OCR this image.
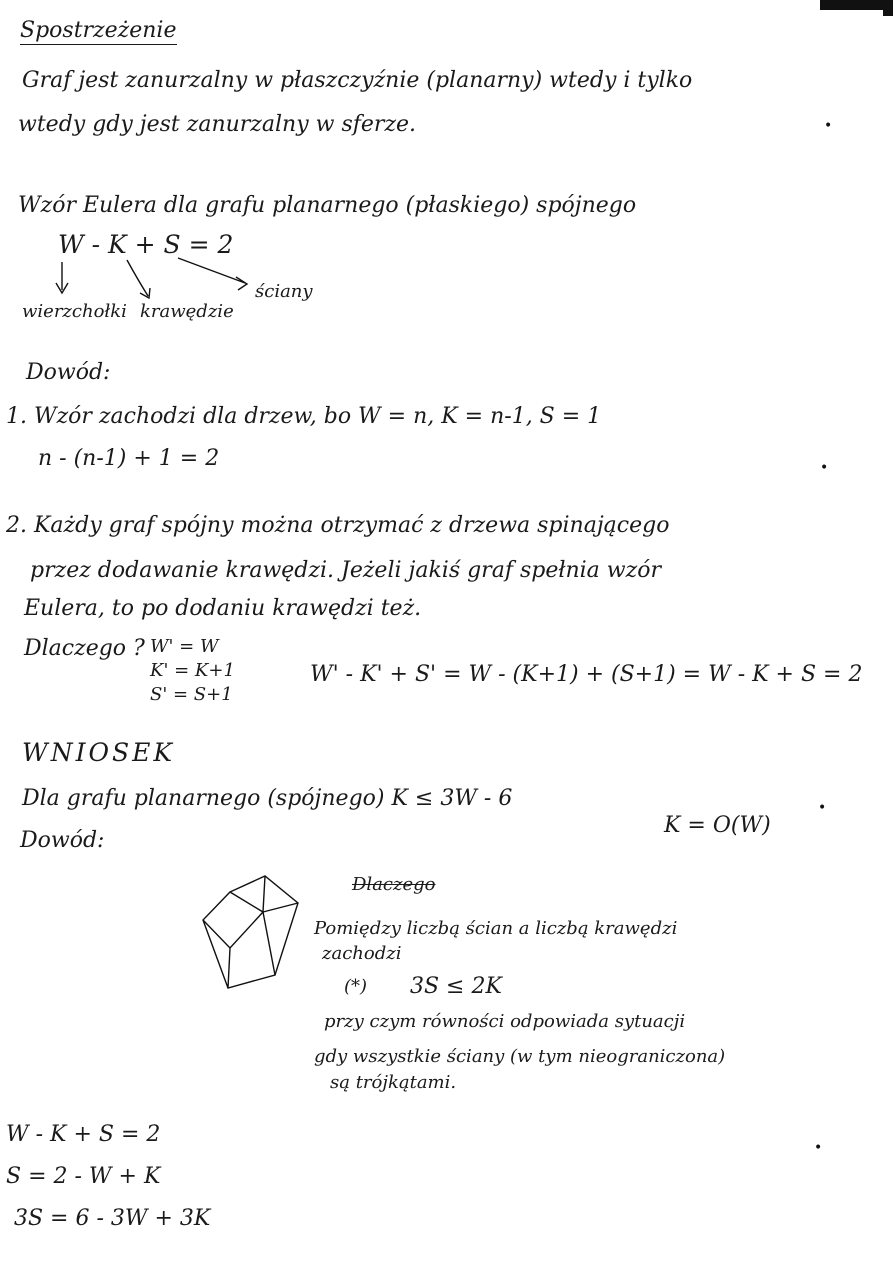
Spostrzeżenie
Graf jest zanurzalny w płaszczyźnie (planarny) wtedy i tylko
wtedy gdy jest zanurzalny w sferze.
Wzór Eulera dla grafu planarnego (płaskiego) spójnego
W - K + S = 2
wierzchołki krawędzie
ściany
Dowód:
1. Wzór zachodzi dla drzew, bo W = n, K = n-1, S = 1
n - (n-1) + 1 = 2
2. Każdy graf spójny można otrzymać z drzewa spinającego
przez dodawanie krawędzi. Jeżeli jakiś graf spełnia wzór
Eulera, to po dodaniu krawędzi też.
Dlaczego ? W' = W
K' = K+1
S' = S+1
W' - K' + S' = W - (K+1) + (S+1) = W - K + S = 2
WNIOSEK
Dla grafu planarnego (spójnego) K ≤ 3W - 6
K = O(W)
Dowód:
Dlaczego
Pomiędzy liczbą ścian a liczbą krawędzi
zachodzi
(*) 3S ≤ 2K
przy czym równości odpowiada sytuacji
gdy wszystkie ściany (w tym nieograniczona)
są trójkątami.
W - K + S = 2
S = 2 - W + K
3S = 6 - 3W + 3K
•
•
•
•
